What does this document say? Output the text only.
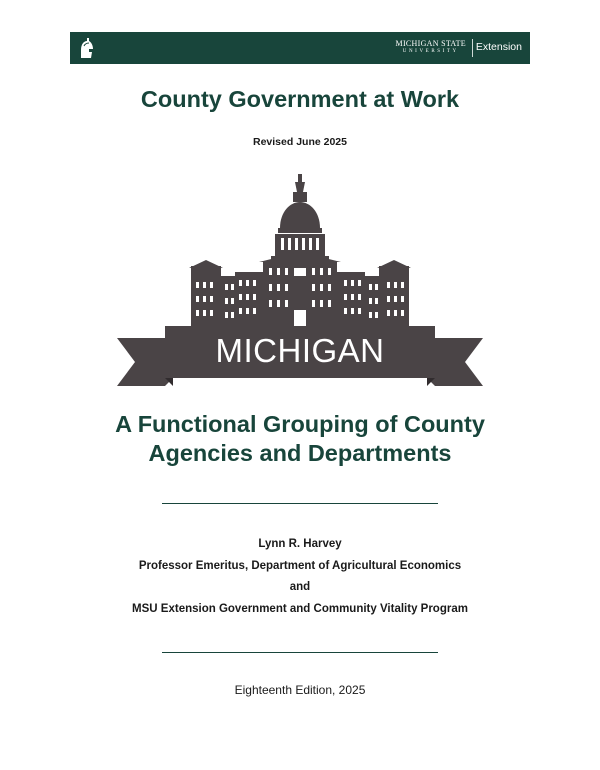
MICHIGAN STATE
UNIVERSITY	Extension
County Government at Work
Revised June 2025
MICHIGAN
A Functional Grouping of County
Agencies and Departments
Lynn R. Harvey
Professor Emeritus, Department of Agricultural Economics
and
MSU Extension Government and Community Vitality Program
Eighteenth Edition, 2025
